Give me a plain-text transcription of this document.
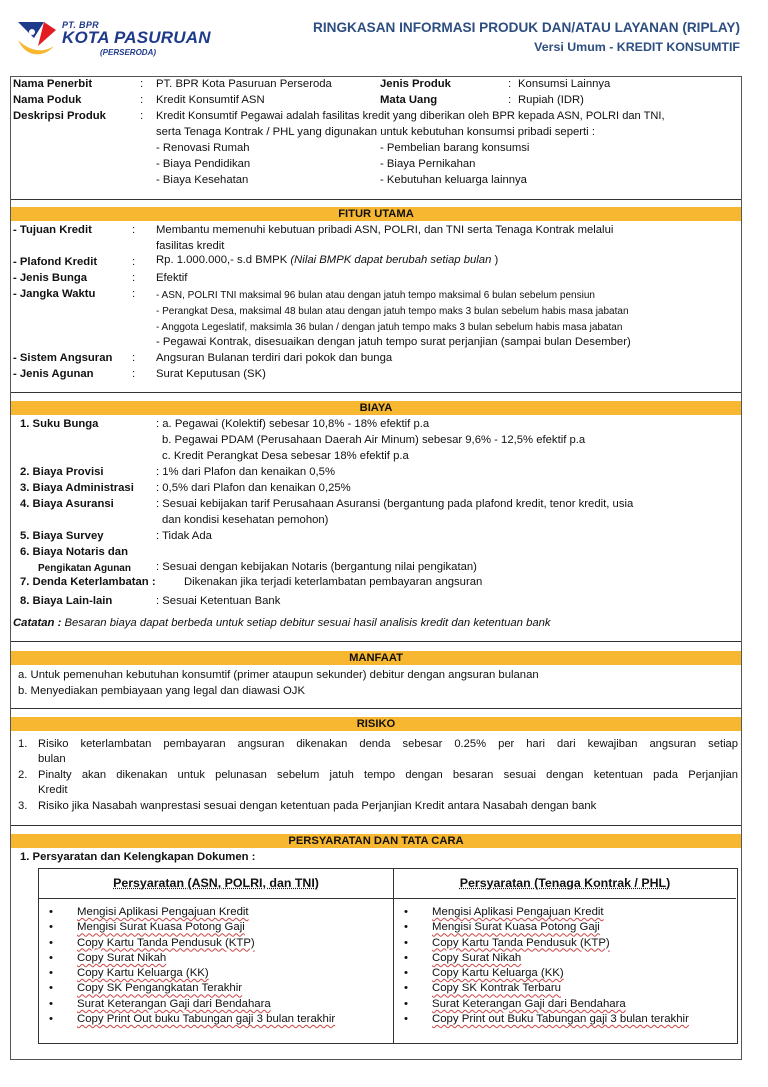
PT. BPR
KOTA PASURUAN
(PERSERODA)
RINGKASAN INFORMASI PRODUK DAN/ATAU LAYANAN (RIPLAY)
Versi Umum - KREDIT KONSUMTIF
Nama Penerbit	: PT. BPR Kota Pasuruan Perseroda	Jenis Produk	: Konsumsi Lainnya
Nama Poduk	: Kredit Konsumtif ASN	Mata Uang	: Rupiah (IDR)
Deskripsi Produk	: Kredit Konsumtif Pegawai adalah fasilitas kredit yang diberikan oleh BPR kepada ASN, POLRI dan TNI,
serta Tenaga Kontrak / PHL yang digunakan untuk kebutuhan konsumsi pribadi seperti :
- Renovasi Rumah
- Biaya Pendidikan
- Biaya Kesehatan
- Pembelian barang konsumsi
- Biaya Pernikahan
- Kebutuhan keluarga lainnya
FITUR UTAMA
- Tujuan Kredit	: Membantu memenuhi kebutuan pribadi ASN, POLRI, dan TNI serta Tenaga Kontrak melalui
fasilitas kredit
- Plafond Kredit	: Rp. 1.000.000,- s.d BMPK (Nilai BMPK dapat berubah setiap bulan )
- Jenis Bunga	: Efektif
- Jangka Waktu	: - ASN, POLRI TNI maksimal 96 bulan atau dengan jatuh tempo maksimal 6 bulan sebelum pensiun
- Perangkat Desa, maksimal 48 bulan atau dengan jatuh tempo maks 3 bulan sebelum habis masa jabatan
- Anggota Legeslatif, maksimla 36 bulan / dengan jatuh tempo maks 3 bulan sebelum habis masa jabatan
- Pegawai Kontrak, disesuaikan dengan jatuh tempo surat perjanjian (sampai bulan Desember)
- Sistem Angsuran : Angsuran Bulanan terdiri dari pokok dan bunga
- Jenis Agunan	: Surat Keputusan (SK)
BIAYA
1. Suku Bunga	: a. Pegawai (Kolektif) sebesar 10,8% - 18% efektif p.a
b. Pegawai PDAM (Perusahaan Daerah Air Minum) sebesar 9,6% - 12,5% efektif p.a
c. Kredit Perangkat Desa sebesar 18% efektif p.a
2. Biaya Provisi	: 1% dari Plafon dan kenaikan 0,5%
3. Biaya Administrasi : 0,5% dari Plafon dan kenaikan 0,25%
4. Biaya Asuransi	: Sesuai kebijakan tarif Perusahaan Asuransi (bergantung pada plafond kredit, tenor kredit, usia
dan kondisi kesehatan pemohon)
5. Biaya Survey	: Tidak Ada
6. Biaya Notaris dan
Pengikatan Agunan : Sesuai dengan kebijakan Notaris (bergantung nilai pengikatan)
7. Denda Keterlambatan :	Dikenakan jika terjadi keterlambatan pembayaran angsuran
8. Biaya Lain-lain	: Sesuai Ketentuan Bank
Catatan : Besaran biaya dapat berbeda untuk setiap debitur sesuai hasil analisis kredit dan ketentuan bank
MANFAAT
a. Untuk pemenuhan kebutuhan konsumtif (primer ataupun sekunder) debitur dengan angsuran bulanan
b. Menyediakan pembiayaan yang legal dan diawasi OJK
RISIKO
1. Risiko keterlambatan pembayaran angsuran dikenakan denda sebesar 0.25% per hari dari kewajiban angsuran setiap
bulan
2. Pinalty akan dikenakan untuk pelunasan sebelum jatuh tempo dengan besaran sesuai dengan ketentuan pada Perjanjian
Kredit
3. Risiko jika Nasabah wanprestasi sesuai dengan ketentuan pada Perjanjian Kredit antara Nasabah dengan bank
PERSYARATAN DAN TATA CARA
1. Persyaratan dan Kelengkapan Dokumen :
Persyaratan (ASN, POLRI, dan TNI)
• Mengisi Aplikasi Pengajuan Kredit
• Mengisi Surat Kuasa Potong Gaji
• Copy Kartu Tanda Pendusuk (KTP)
• Copy Surat Nikah
• Copy Kartu Keluarga (KK)
• Copy SK Pengangkatan Terakhir
• Surat Keterangan Gaji dari Bendahara
• Copy Print Out buku Tabungan gaji 3 bulan terakhir
Persyaratan (Tenaga Kontrak / PHL)
• Mengisi Aplikasi Pengajuan Kredit
• Mengisi Surat Kuasa Potong Gaji
• Copy Kartu Tanda Pendusuk (KTP)
• Copy Surat Nikah
• Copy Kartu Keluarga (KK)
• Copy SK Kontrak Terbaru
• Surat Keterangan Gaji dari Bendahara
• Copy Print out Buku Tabungan gaji 3 bulan terakhir
